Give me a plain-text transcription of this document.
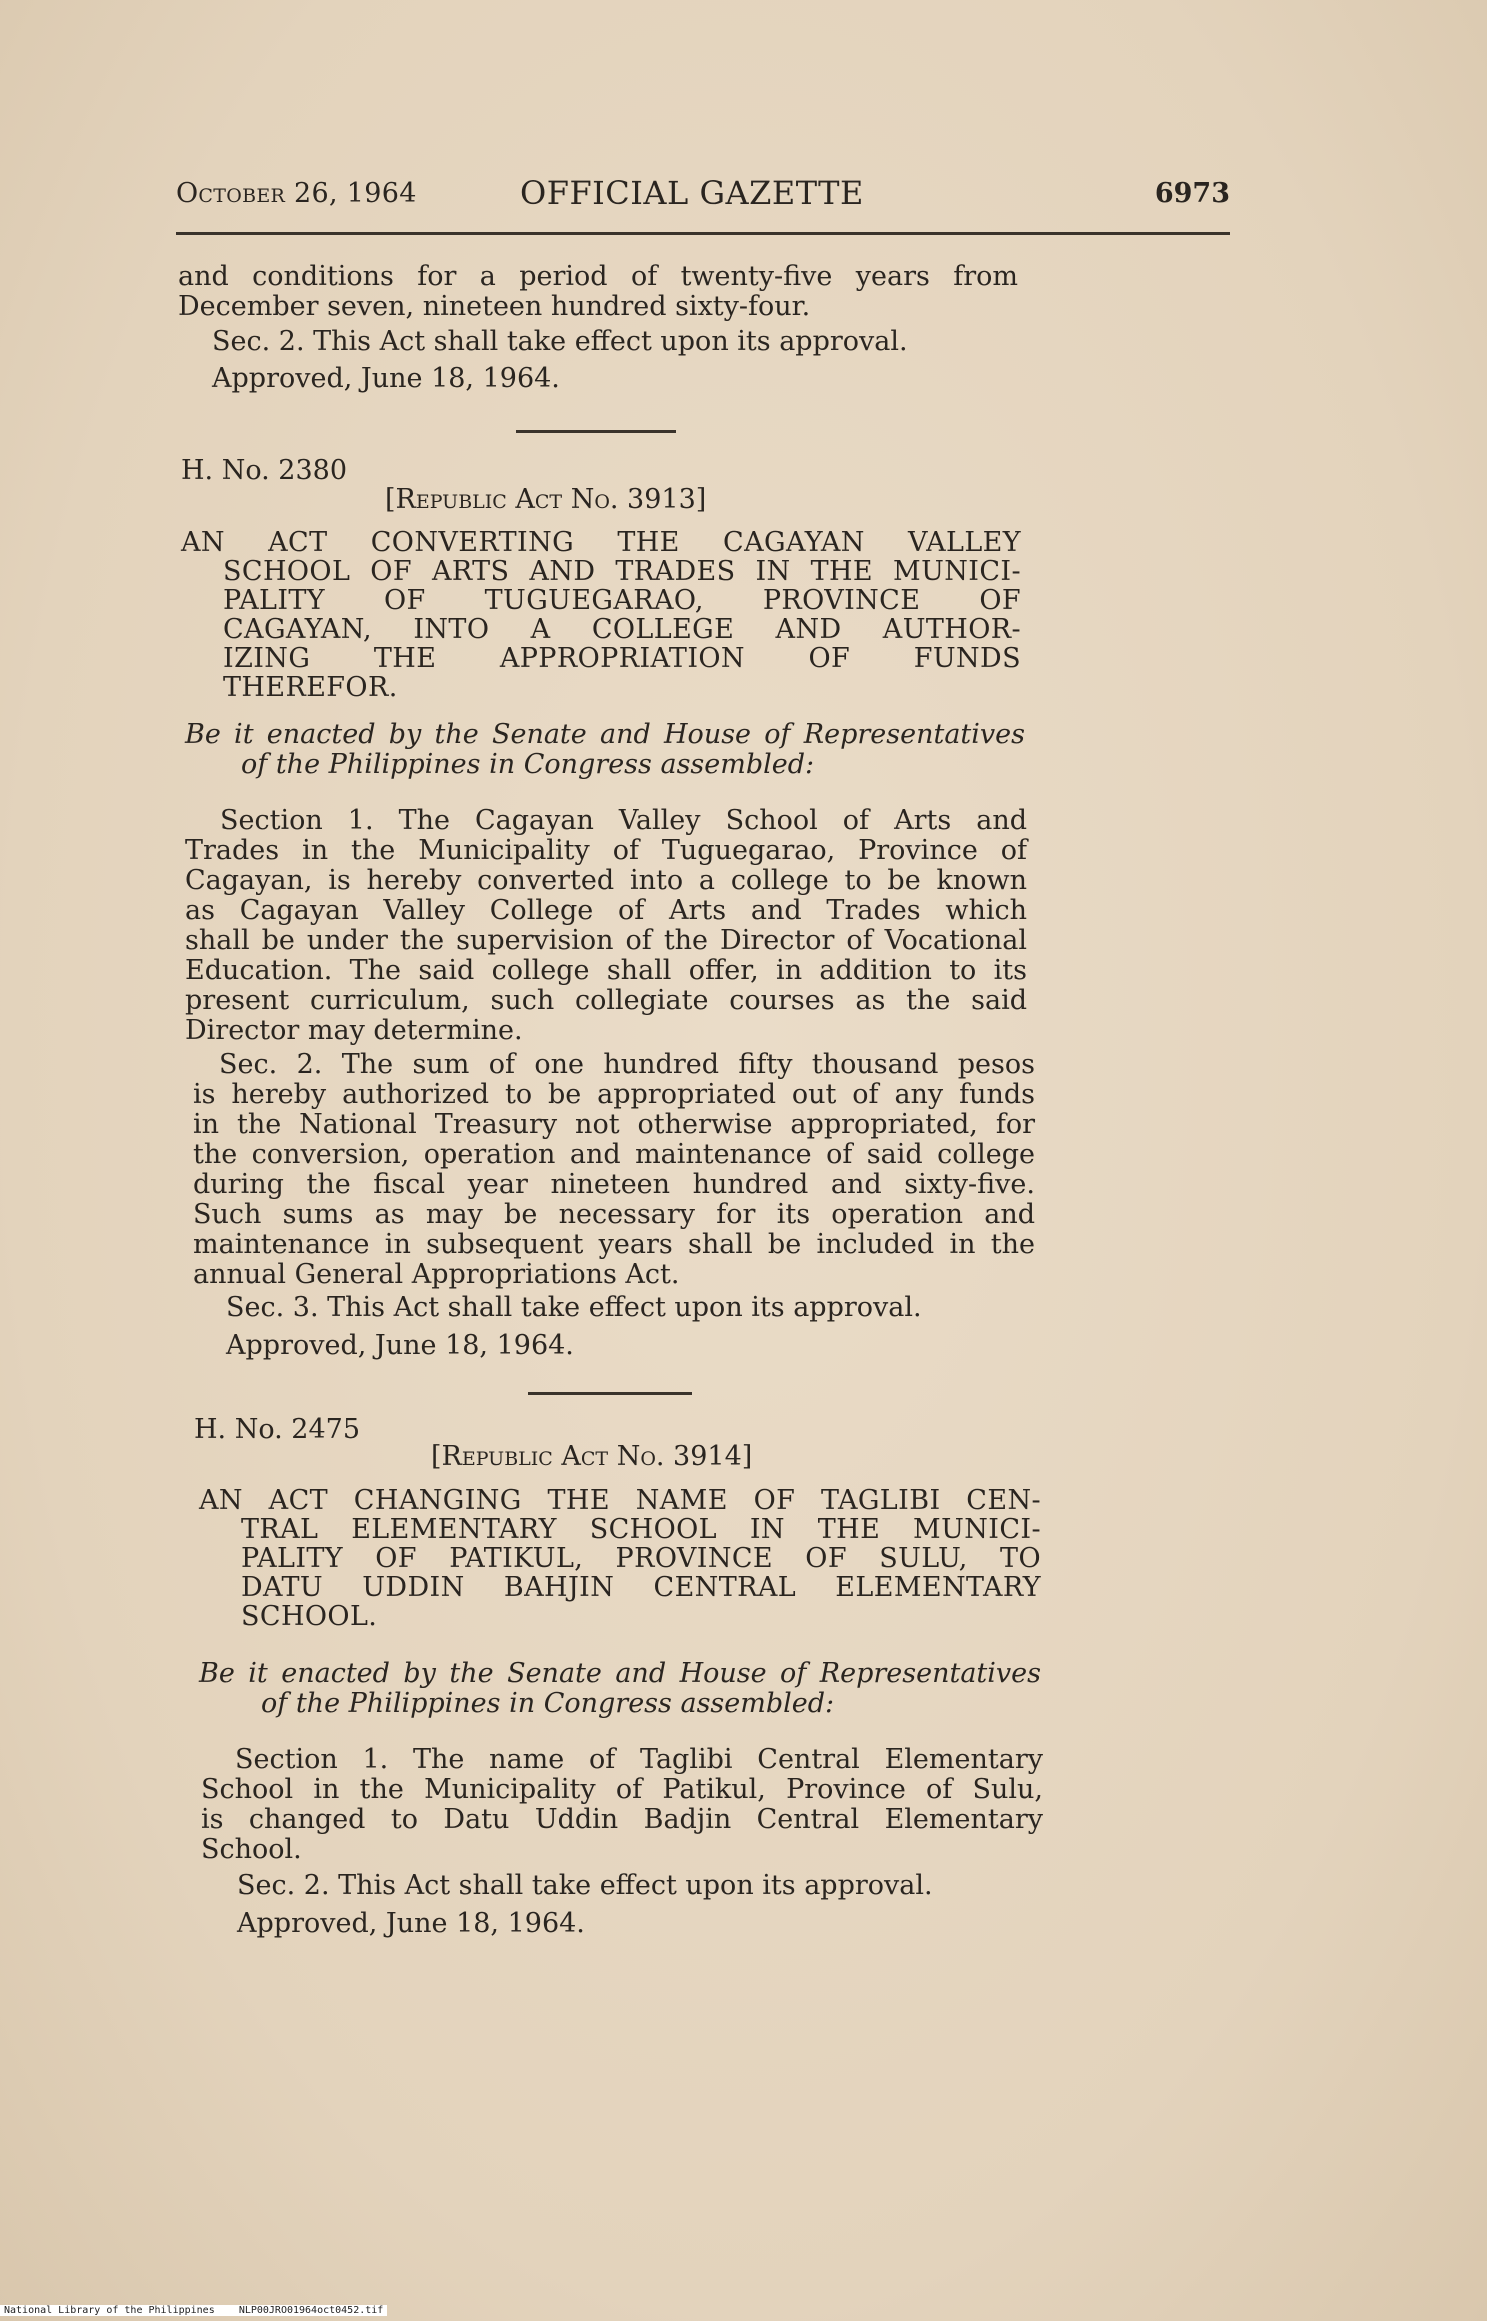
October 26, 1964	OFFICIAL GAZETTE	6973
and conditions for a period of twenty-five years from
December seven, nineteen hundred sixty-four.
Sec. 2. This Act shall take effect upon its approval.
Approved, June 18, 1964.
H. No. 2380
[Republic Act No. 3913]
AN ACT CONVERTING THE CAGAYAN VALLEY
SCHOOL OF ARTS AND TRADES IN THE MUNICI-
PALITY OF TUGUEGARAO, PROVINCE OF
CAGAYAN, INTO A COLLEGE AND AUTHOR-
IZING THE APPROPRIATION OF FUNDS
THEREFOR.
Be it enacted by the Senate and House of Representatives
of the Philippines in Congress assembled:
Section 1. The Cagayan Valley School of Arts and
Trades in the Municipality of Tuguegarao, Province of
Cagayan, is hereby converted into a college to be known
as Cagayan Valley College of Arts and Trades which
shall be under the supervision of the Director of Vocational
Education. The said college shall offer, in addition to its
present curriculum, such collegiate courses as the said
Director may determine.
Sec. 2. The sum of one hundred fifty thousand pesos
is hereby authorized to be appropriated out of any funds
in the National Treasury not otherwise appropriated, for
the conversion, operation and maintenance of said college
during the fiscal year nineteen hundred and sixty-five.
Such sums as may be necessary for its operation and
maintenance in subsequent years shall be included in the
annual General Appropriations Act.
Sec. 3. This Act shall take effect upon its approval.
Approved, June 18, 1964.
H. No. 2475
[Republic Act No. 3914]
AN ACT CHANGING THE NAME OF TAGLIBI CEN-
TRAL ELEMENTARY SCHOOL IN THE MUNICI-
PALITY OF PATIKUL, PROVINCE OF SULU, TO
DATU UDDIN BAHJIN CENTRAL ELEMENTARY
SCHOOL.
Be it enacted by the Senate and House of Representatives
of the Philippines in Congress assembled:
Section 1. The name of Taglibi Central Elementary
School in the Municipality of Patikul, Province of Sulu,
is changed to Datu Uddin Badjin Central Elementary
School.
Sec. 2. This Act shall take effect upon its approval.
Approved, June 18, 1964.
National Library of the Philippines NLP00JRO01964oct0452.tif
